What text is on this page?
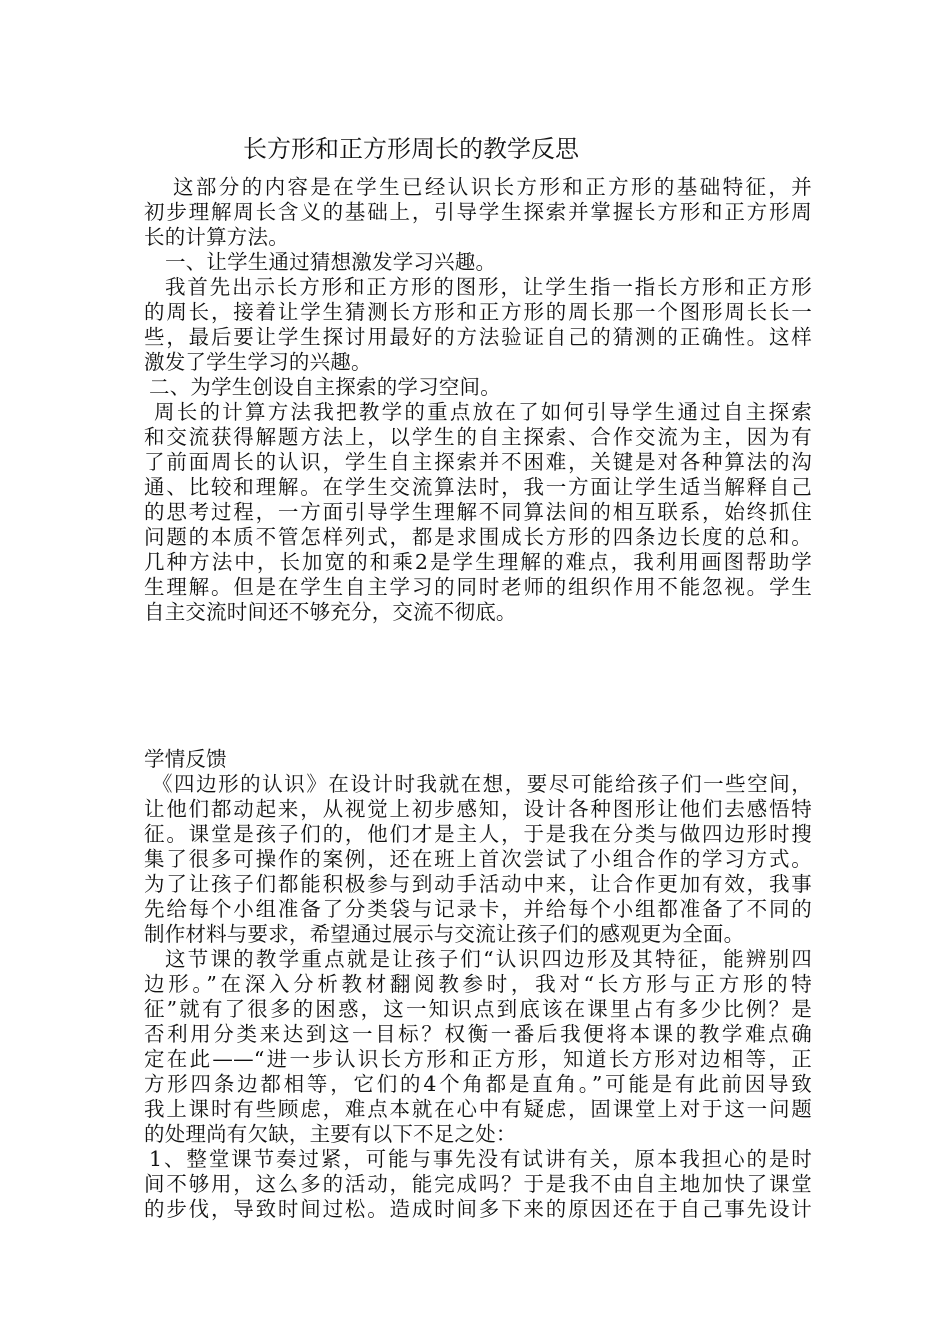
长方形和正方形周长的教学反思
这部分的内容是在学生已经认识长方形和正方形的基础特征，并
初步理解周长含义的基础上，引导学生探索并掌握长方形和正方形周
长的计算方法。
一、让学生通过猜想激发学习兴趣。
我首先出示长方形和正方形的图形，让学生指一指长方形和正方形
的周长，接着让学生猜测长方形和正方形的周长那一个图形周长长一
些，最后要让学生探讨用最好的方法验证自己的猜测的正确性。这样
激发了学生学习的兴趣。
二、为学生创设自主探索的学习空间。
周长的计算方法我把教学的重点放在了如何引导学生通过自主探索
和交流获得解题方法上，以学生的自主探索、合作交流为主，因为有
了前面周长的认识，学生自主探索并不困难，关键是对各种算法的沟
通、比较和理解。在学生交流算法时，我一方面让学生适当解释自己
的思考过程，一方面引导学生理解不同算法间的相互联系，始终抓住
问题的本质不管怎样列式，都是求围成长方形的四条边长度的总和。
几种方法中，长加宽的和乘2是学生理解的难点，我利用画图帮助学
生理解。但是在学生自主学习的同时老师的组织作用不能忽视。学生
自主交流时间还不够充分，交流不彻底。
学情反馈
《四边形的认识》在设计时我就在想，要尽可能给孩子们一些空间，
让他们都动起来，从视觉上初步感知，设计各种图形让他们去感悟特
征。课堂是孩子们的，他们才是主人，于是我在分类与做四边形时搜
集了很多可操作的案例，还在班上首次尝试了小组合作的学习方式。
为了让孩子们都能积极参与到动手活动中来，让合作更加有效，我事
先给每个小组准备了分类袋与记录卡，并给每个小组都准备了不同的
制作材料与要求，希望通过展示与交流让孩子们的感观更为全面。
这节课的教学重点就是让孩子们“认识四边形及其特征，能辨别四
边形。”在深入分析教材翻阅教参时，我对“长方形与正方形的特
征”就有了很多的困惑，这一知识点到底该在课里占有多少比例？是
否利用分类来达到这一目标？权衡一番后我便将本课的教学难点确
定在此——“进一步认识长方形和正方形，知道长方形对边相等，正
方形四条边都相等，它们的4个角都是直角。”可能是有此前因导致
我上课时有些顾虑，难点本就在心中有疑虑，固课堂上对于这一问题
的处理尚有欠缺，主要有以下不足之处：
1、整堂课节奏过紧，可能与事先没有试讲有关，原本我担心的是时
间不够用，这么多的活动，能完成吗？于是我不由自主地加快了课堂
的步伐，导致时间过松。造成时间多下来的原因还在于自己事先设计
